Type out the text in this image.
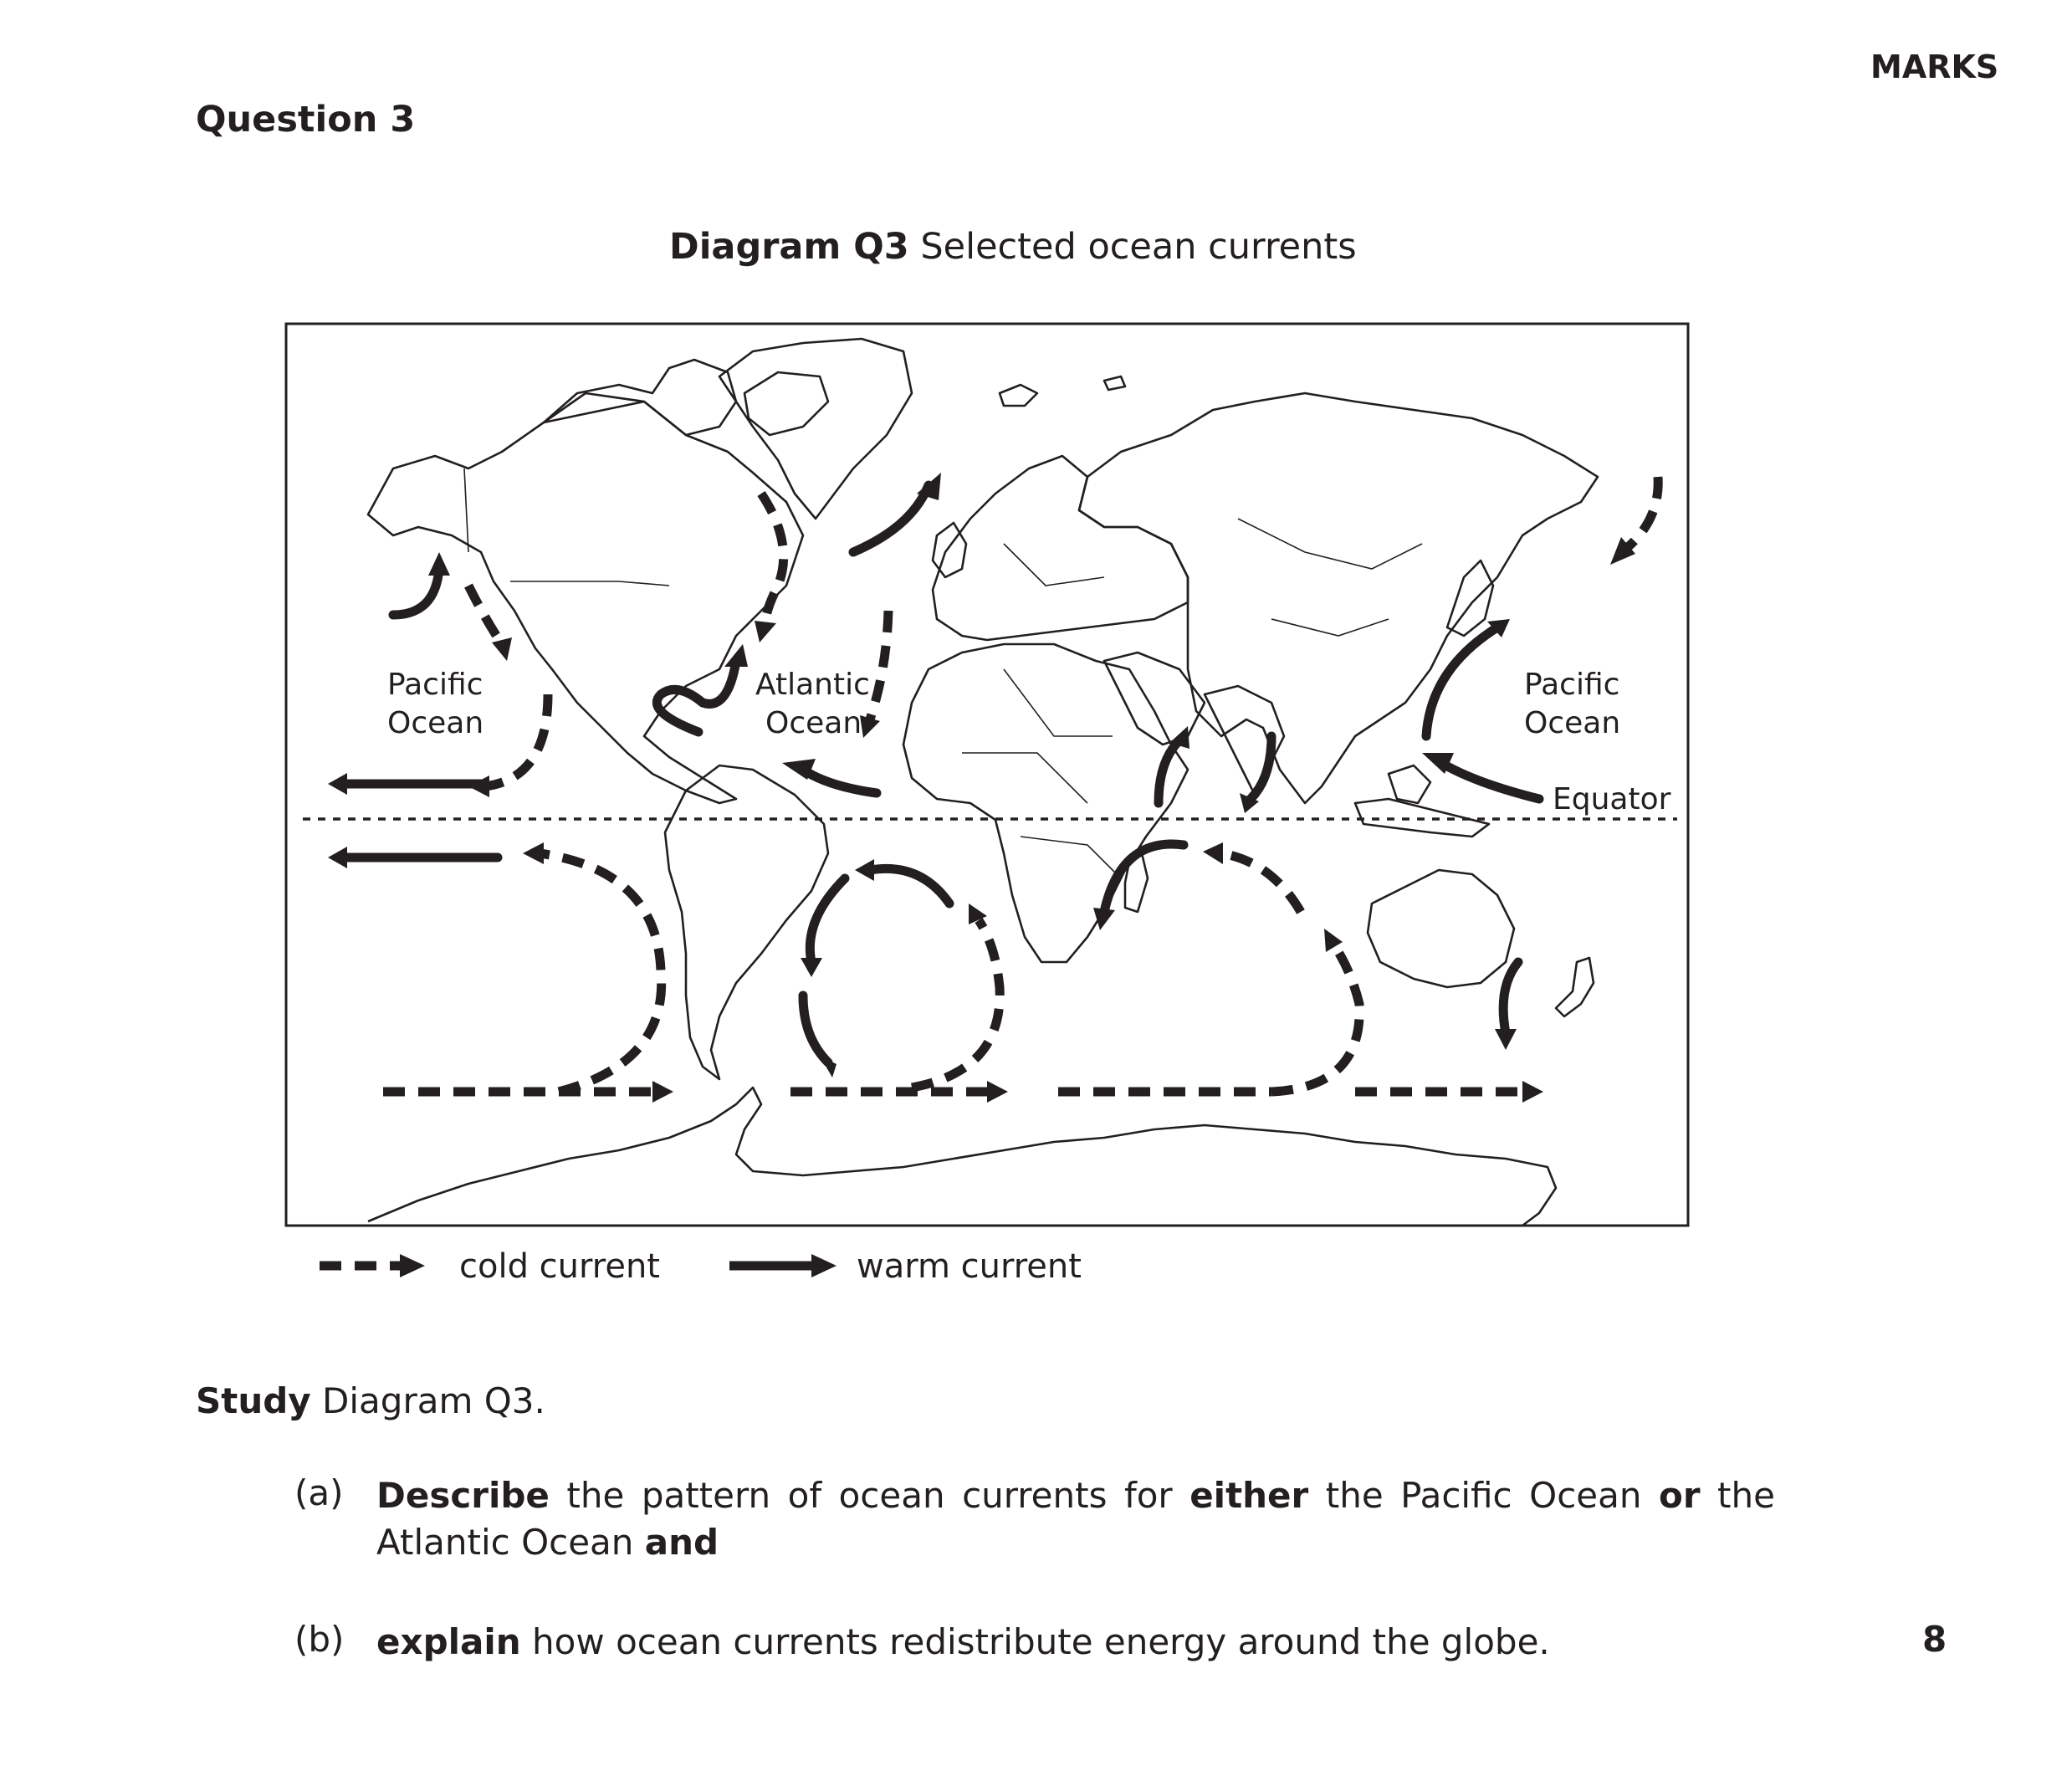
MARKS
Question 3
Diagram Q3 Selected ocean currents
Pacific
Ocean
Atlantic
Ocean
Pacific
Ocean
Equator
cold current	warm current
Study Diagram Q3.
(a) Describe the pattern of ocean currents for either the Pacific Ocean or the
Atlantic Ocean and
(b) explain how ocean currents redistribute energy around the globe.	8
